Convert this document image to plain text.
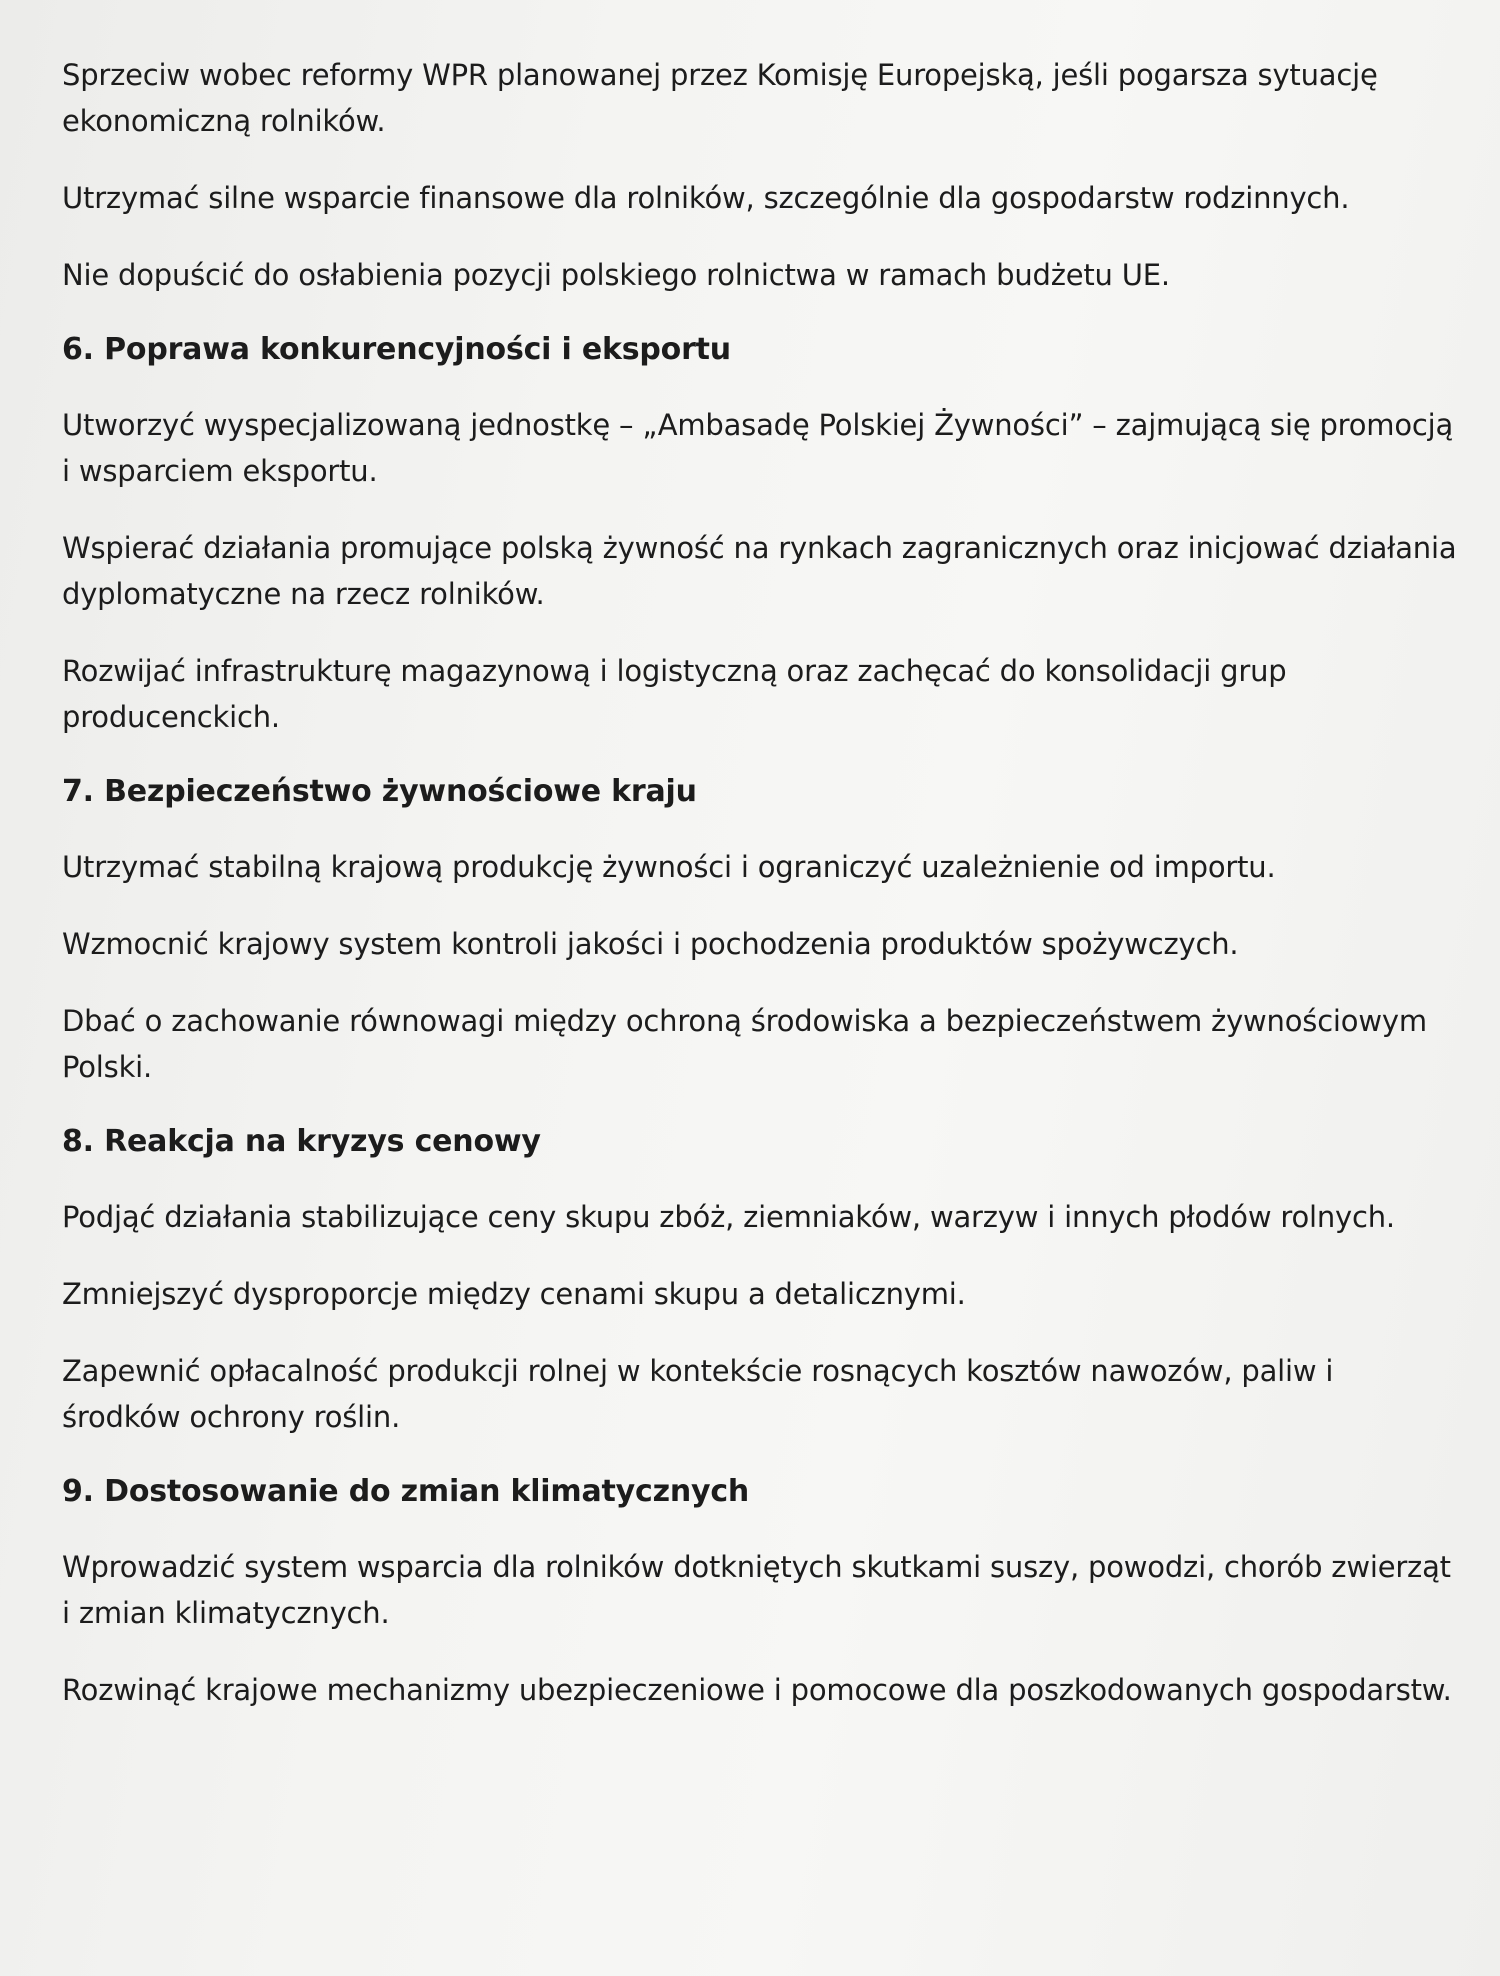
Sprzeciw wobec reformy WPR planowanej przez Komisję Europejską, jeśli pogarsza sytuację ekonomiczną rolników.

Utrzymać silne wsparcie finansowe dla rolników, szczególnie dla gospodarstw rodzinnych.

Nie dopuścić do osłabienia pozycji polskiego rolnictwa w ramach budżetu UE.

6. Poprawa konkurencyjności i eksportu

Utworzyć wyspecjalizowaną jednostkę – „Ambasadę Polskiej Żywności” – zajmującą się promocją i wsparciem eksportu.

Wspierać działania promujące polską żywność na rynkach zagranicznych oraz inicjować działania dyplomatyczne na rzecz rolników.

Rozwijać infrastrukturę magazynową i logistyczną oraz zachęcać do konsolidacji grup producenckich.

7. Bezpieczeństwo żywnościowe kraju

Utrzymać stabilną krajową produkcję żywności i ograniczyć uzależnienie od importu.

Wzmocnić krajowy system kontroli jakości i pochodzenia produktów spożywczych.

Dbać o zachowanie równowagi między ochroną środowiska a bezpieczeństwem żywnościowym Polski.

8. Reakcja na kryzys cenowy

Podjąć działania stabilizujące ceny skupu zbóż, ziemniaków, warzyw i innych płodów rolnych.

Zmniejszyć dysproporcje między cenami skupu a detalicznymi.

Zapewnić opłacalność produkcji rolnej w kontekście rosnących kosztów nawozów, paliw i środków ochrony roślin.

9. Dostosowanie do zmian klimatycznych

Wprowadzić system wsparcia dla rolników dotkniętych skutkami suszy, powodzi, chorób zwierząt i zmian klimatycznych.

Rozwinąć krajowe mechanizmy ubezpieczeniowe i pomocowe dla poszkodowanych gospodarstw.
